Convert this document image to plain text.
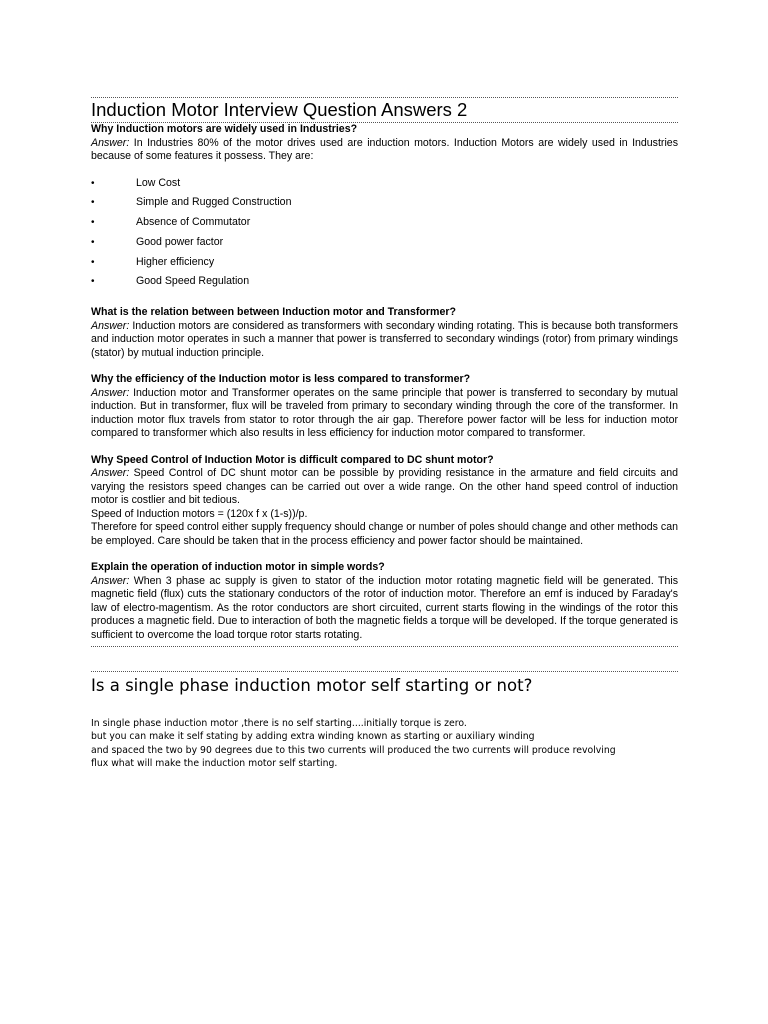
Induction Motor Interview Question Answers 2

Why Induction motors are widely used in Industries?

Answer: In Industries 80% of the motor drives used are induction motors. Induction Motors are widely used in Industries because of some features it possess. They are:

•	Low Cost
•	Simple and Rugged Construction
•	Absence of Commutator
•	Good power factor
•	Higher efficiency
•	Good Speed Regulation

What is the relation between between Induction motor and Transformer?

Answer: Induction motors are considered as transformers with secondary winding rotating. This is because both transformers and induction motor operates in such a manner that power is transferred to secondary windings (rotor) from primary windings (stator) by mutual induction principle.

Why the efficiency of the Induction motor is less compared to transformer?

Answer: Induction motor and Transformer operates on the same principle that power is transferred to secondary by mutual induction. But in transformer, flux will be traveled from primary to secondary winding through the core of the transformer. In induction motor flux travels from stator to rotor through the air gap. Therefore power factor will be less for induction motor compared to transformer which also results in less efficiency for induction motor compared to transformer.

Why Speed Control of Induction Motor is difficult compared to DC shunt motor?

Answer: Speed Control of DC shunt motor can be possible by providing resistance in the armature and field circuits and varying the resistors speed changes can be carried out over a wide range. On the other hand speed control of induction motor is costlier and bit tedious.

Speed of Induction motors = (120x f x (1-s))/p.

Therefore for speed control either supply frequency should change or number of poles should change and other methods can be employed. Care should be taken that in the process efficiency and power factor should be maintained.

Explain the operation of induction motor in simple words?

Answer: When 3 phase ac supply is given to stator of the induction motor rotating magnetic field will be generated. This magnetic field (flux) cuts the stationary conductors of the rotor of induction motor. Therefore an emf is induced by Faraday's law of electro-magentism. As the rotor conductors are short circuited, current starts flowing in the windings of the rotor this produces a magnetic field. Due to interaction of both the magnetic fields a torque will be developed. If the torque generated is sufficient to overcome the load torque rotor starts rotating.

Is a single phase induction motor self starting or not?

In single phase induction motor ,there is no self starting....initially torque is zero.

but you can make it self stating by adding extra winding known as starting or auxiliary winding

and spaced the two by 90 degrees due to this two currents will produced the two currents will produce revolving

flux what will make the induction motor self starting.
